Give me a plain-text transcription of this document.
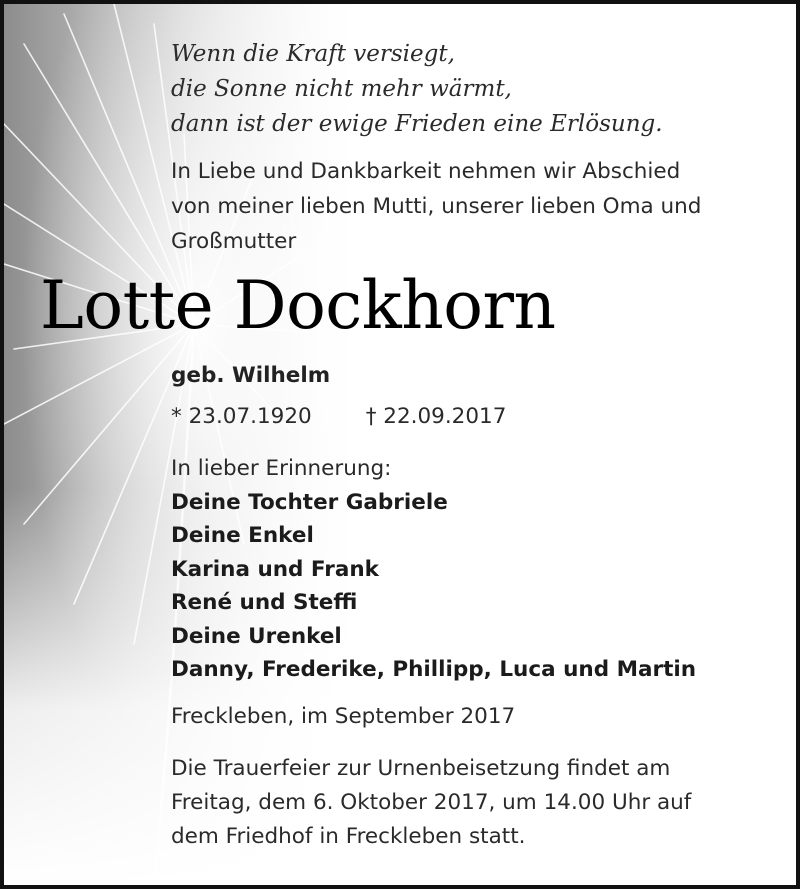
Wenn die Kraft versiegt,
die Sonne nicht mehr wärmt,
dann ist der ewige Frieden eine Erlösung.
In Liebe und Dankbarkeit nehmen wir Abschied
von meiner lieben Mutti, unserer lieben Oma und
Großmutter
Lotte Dockhorn
geb. Wilhelm
* 23.07.1920	† 22.09.2017
In lieber Erinnerung:
Deine Tochter Gabriele
Deine Enkel
Karina und Frank
René und Steffi
Deine Urenkel
Danny, Frederike, Phillipp, Luca und Martin
Freckleben, im September 2017
Die Trauerfeier zur Urnenbeisetzung findet am
Freitag, dem 6. Oktober 2017, um 14.00 Uhr auf
dem Friedhof in Freckleben statt.
